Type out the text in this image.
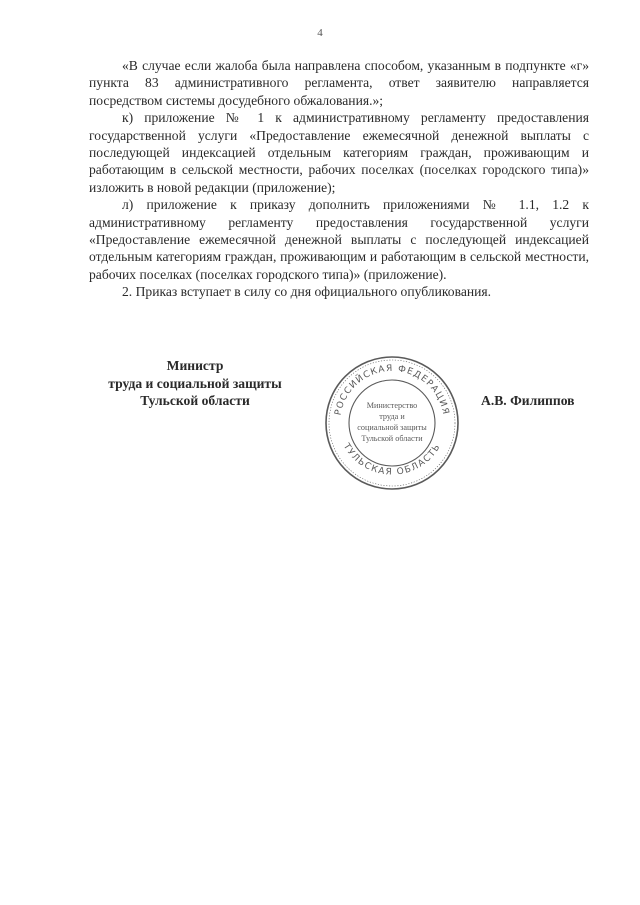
4

«В случае если жалоба была направлена способом, указанным в подпункте «г» пункта 83 административного регламента, ответ заявителю направляется посредством системы досудебного обжалования.»;

к) приложение № 1 к административному регламенту предоставления государственной услуги «Предоставление ежемесячной денежной выплаты с последующей индексацией отдельным категориям граждан, проживающим и работающим в сельской местности, рабочих поселках (поселках городского типа)» изложить в новой редакции (приложение);

л) приложение к приказу дополнить приложениями № 1.1, 1.2 к административному регламенту предоставления государственной услуги «Предоставление ежемесячной денежной выплаты с последующей индексацией отдельным категориям граждан, проживающим и работающим в сельской местности, рабочих поселках (поселках городского типа)» (приложение).

2. Приказ вступает в силу со дня официального опубликования.

Министр
труда и социальной защиты
Тульской области
РОССИЙСКАЯ ФЕДЕРАЦИЯ
ТУЛЬСКАЯ ОБЛАСТЬ
Министерство
труда и
социальной защиты
Тульской области
А.В. Филиппов
